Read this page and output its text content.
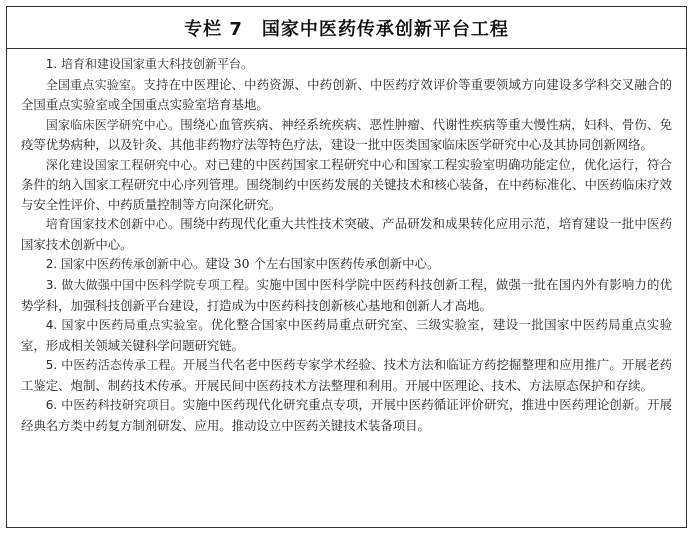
专栏 7　国家中医药传承创新平台工程

1. 培育和建设国家重大科技创新平台。

全国重点实验室。支持在中医理论、中药资源、中药创新、中医药疗效评价等重要领域方向建设多学科交叉融合的全国重点实验室或全国重点实验室培育基地。

国家临床医学研究中心。围绕心血管疾病、神经系统疾病、恶性肿瘤、代谢性疾病等重大慢性病，妇科、骨伤、免疫等优势病种，以及针灸、其他非药物疗法等特色疗法，建设一批中医类国家临床医学研究中心及其协同创新网络。

深化建设国家工程研究中心。对已建的中医药国家工程研究中心和国家工程实验室明确功能定位，优化运行，符合条件的纳入国家工程研究中心序列管理。围绕制约中医药发展的关键技术和核心装备，在中药标准化、中医药临床疗效与安全性评价、中药质量控制等方向深化研究。

培育国家技术创新中心。围绕中药现代化重大共性技术突破、产品研发和成果转化应用示范，培育建设一批中医药国家技术创新中心。

2. 国家中医药传承创新中心。建设 30 个左右国家中医药传承创新中心。

3. 做大做强中国中医科学院专项工程。实施中国中医科学院中医药科技创新工程，做强一批在国内外有影响力的优势学科，加强科技创新平台建设，打造成为中医药科技创新核心基地和创新人才高地。

4. 国家中医药局重点实验室。优化整合国家中医药局重点研究室、三级实验室，建设一批国家中医药局重点实验室，形成相关领域关键科学问题研究链。

5. 中医药活态传承工程。开展当代名老中医药专家学术经验、技术方法和临证方药挖掘整理和应用推广。开展老药工鉴定、炮制、制药技术传承。开展民间中医药技术方法整理和利用。开展中医理论、技术、方法原态保护和存续。

6. 中医药科技研究项目。实施中医药现代化研究重点专项，开展中医药循证评价研究，推进中医药理论创新。开展经典名方类中药复方制剂研发、应用。推动设立中医药关键技术装备项目。
